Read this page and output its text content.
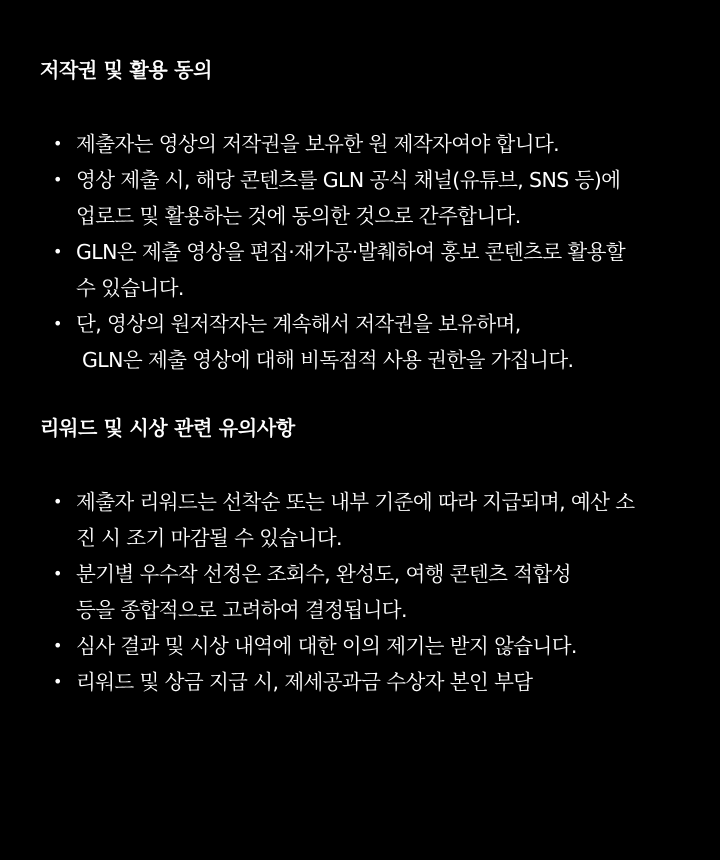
저작권 및 활용 동의
• 제출자는 영상의 저작권을 보유한 원 제작자여야 합니다.
• 영상 제출 시, 해당 콘텐츠를 GLN 공식 채널(유튜브, SNS 등)에
업로드 및 활용하는 것에 동의한 것으로 간주합니다.
• GLN은 제출 영상을 편집·재가공·발췌하여 홍보 콘텐츠로 활용할
수 있습니다.
• 단, 영상의 원저작자는 계속해서 저작권을 보유하며,
GLN은 제출 영상에 대해 비독점적 사용 권한을 가집니다.
리워드 및 시상 관련 유의사항
• 제출자 리워드는 선착순 또는 내부 기준에 따라 지급되며, 예산 소
진 시 조기 마감될 수 있습니다.
• 분기별 우수작 선정은 조회수, 완성도, 여행 콘텐츠 적합성
등을 종합적으로 고려하여 결정됩니다.
• 심사 결과 및 시상 내역에 대한 이의 제기는 받지 않습니다.
• 리워드 및 상금 지급 시, 제세공과금 수상자 본인 부담
